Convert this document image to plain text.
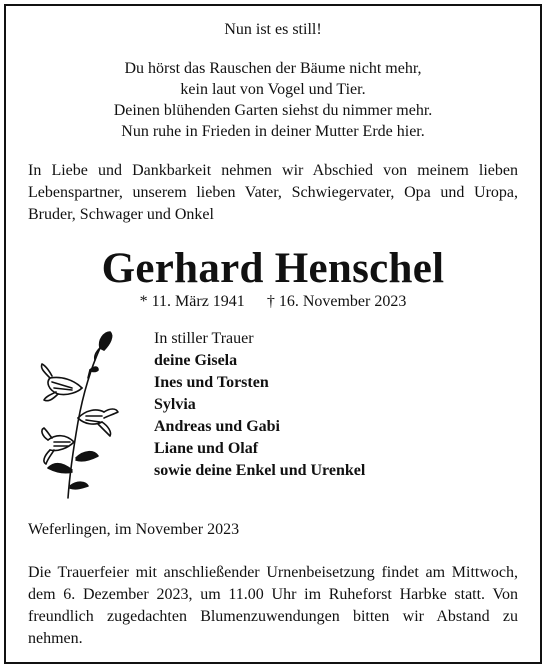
Nun ist es still!
Du hörst das Rauschen der Bäume nicht mehr,
kein laut von Vogel und Tier.
Deinen blühenden Garten siehst du nimmer mehr.
Nun ruhe in Frieden in deiner Mutter Erde hier.
In Liebe und Dankbarkeit nehmen wir Abschied von meinem lieben Lebenspartner, unserem lieben Vater, Schwiegervater, Opa und Uropa, Bruder, Schwager und Onkel
Gerhard Henschel
* 11. März 1941 † 16. November 2023
In stiller Trauer
deine Gisela
Ines und Torsten
Sylvia
Andreas und Gabi
Liane und Olaf
sowie deine Enkel und Urenkel
Weferlingen, im November 2023
Die Trauerfeier mit anschließender Urnenbeisetzung findet am Mittwoch, dem 6. Dezember 2023, um 11.00 Uhr im Ruheforst Harbke statt. Von freundlich zugedachten Blumenzuwendungen bitten wir Abstand zu nehmen.
